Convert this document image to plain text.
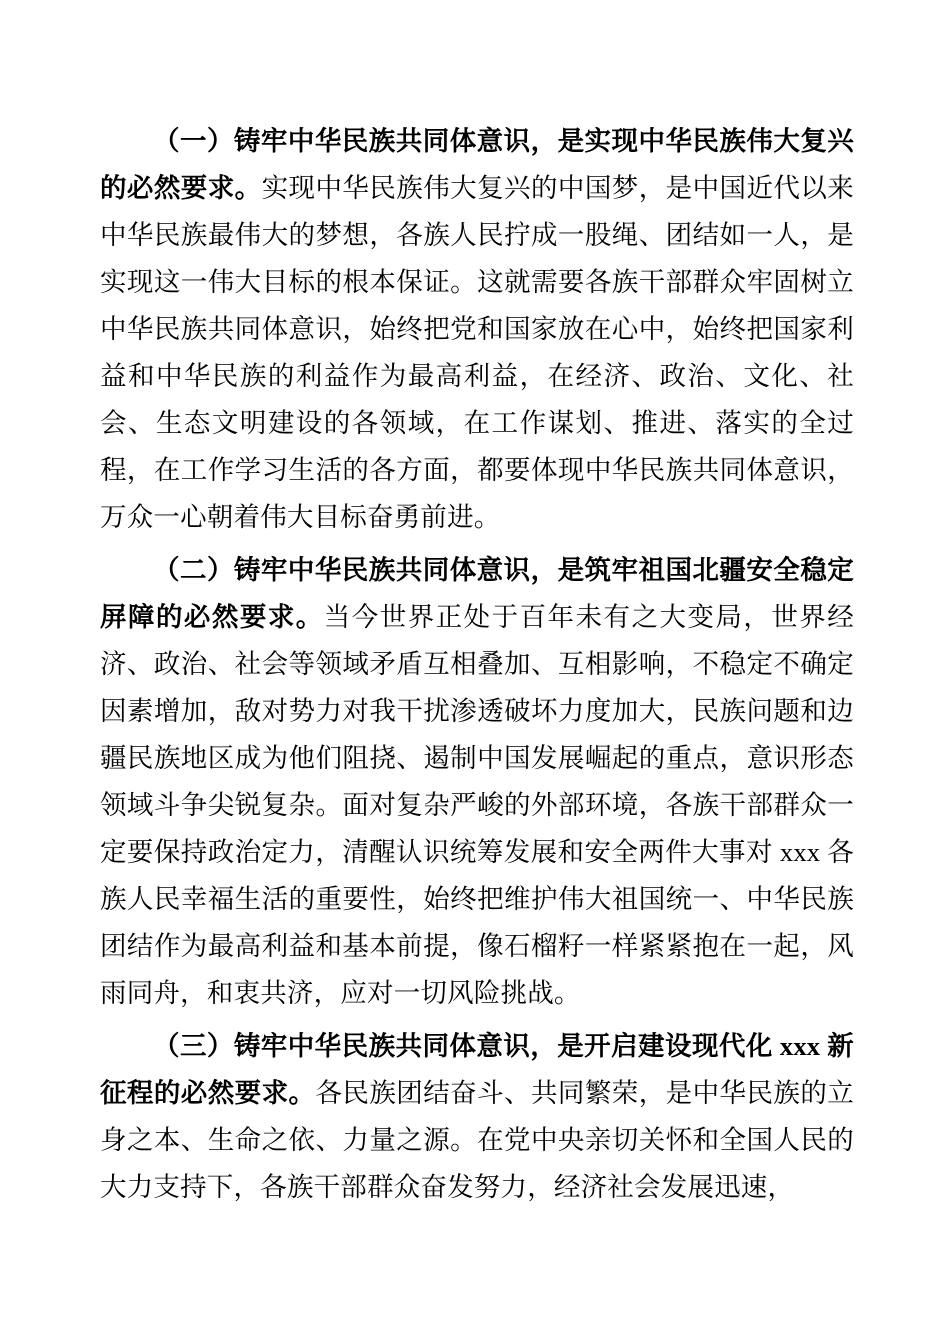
（一）铸牢中华民族共同体意识，是实现中华民族伟大复兴的必然要求。实现中华民族伟大复兴的中国梦，是中国近代以来中华民族最伟大的梦想，各族人民拧成一股绳、团结如一人，是实现这一伟大目标的根本保证。这就需要各族干部群众牢固树立中华民族共同体意识，始终把党和国家放在心中，始终把国家利益和中华民族的利益作为最高利益，在经济、政治、文化、社会、生态文明建设的各领域，在工作谋划、推进、落实的全过程，在工作学习生活的各方面，都要体现中华民族共同体意识，万众一心朝着伟大目标奋勇前进。

（二）铸牢中华民族共同体意识，是筑牢祖国北疆安全稳定屏障的必然要求。当今世界正处于百年未有之大变局，世界经济、政治、社会等领域矛盾互相叠加、互相影响，不稳定不确定因素增加，敌对势力对我干扰渗透破坏力度加大，民族问题和边疆民族地区成为他们阻挠、遏制中国发展崛起的重点，意识形态领域斗争尖锐复杂。面对复杂严峻的外部环境，各族干部群众一定要保持政治定力，清醒认识统筹发展和安全两件大事对 xxx 各族人民幸福生活的重要性，始终把维护伟大祖国统一、中华民族团结作为最高利益和基本前提，像石榴籽一样紧紧抱在一起，风雨同舟，和衷共济，应对一切风险挑战。

（三）铸牢中华民族共同体意识，是开启建设现代化 xxx 新征程的必然要求。各民族团结奋斗、共同繁荣，是中华民族的立身之本、生命之依、力量之源。在党中央亲切关怀和全国人民的大力支持下，各族干部群众奋发努力，经济社会发展迅速，
